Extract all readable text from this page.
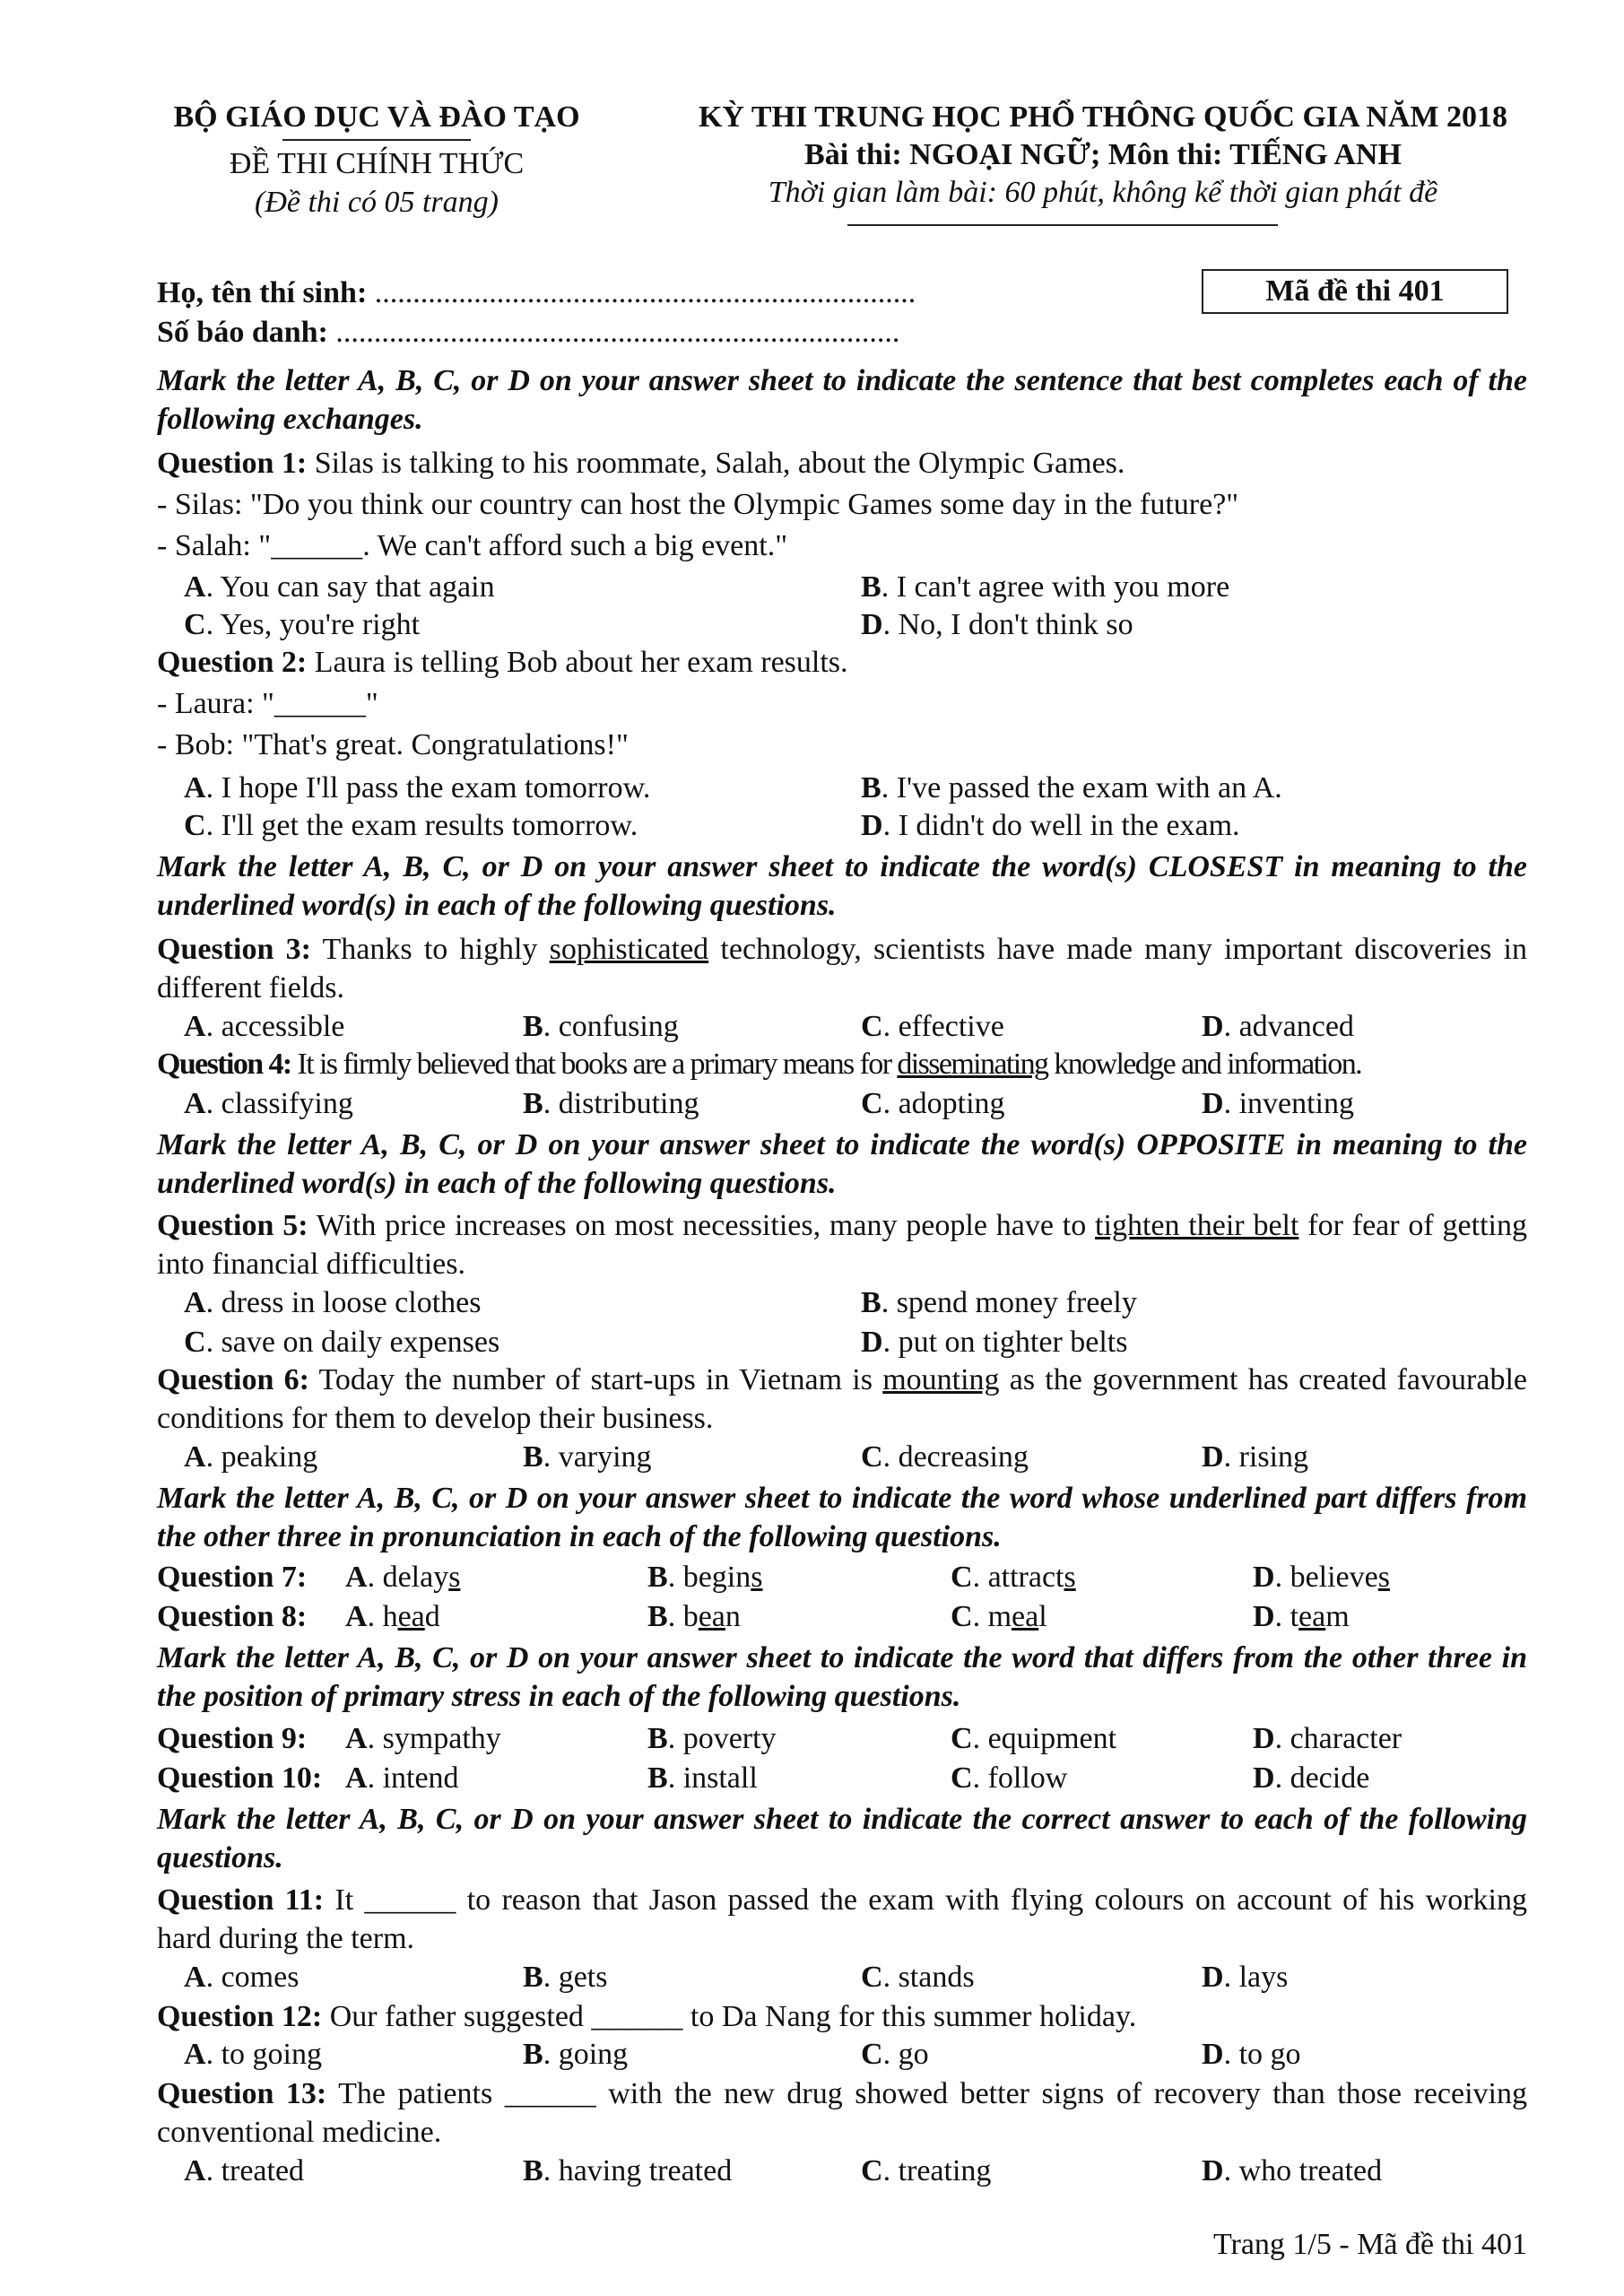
BỘ GIÁO DỤC VÀ ĐÀO TẠO
ĐỀ THI CHÍNH THỨC
(Đề thi có 05 trang)
KỲ THI TRUNG HỌC PHỔ THÔNG QUỐC GIA NĂM 2018
Bài thi: NGOẠI NGỮ; Môn thi: TIẾNG ANH
Thời gian làm bài: 60 phút, không kể thời gian phát đề
Họ, tên thí sinh: .......................................................................
Số báo danh: ..........................................................................
Mã đề thi 401
Mark the letter A, B, C, or D on your answer sheet to indicate the sentence that best completes each of the following exchanges.
Question 1: Silas is talking to his roommate, Salah, about the Olympic Games.
- Silas: "Do you think our country can host the Olympic Games some day in the future?"
- Salah: "______. We can't afford such a big event."
A. You can say that again	B. I can't agree with you more
C. Yes, you're right	D. No, I don't think so
Question 2: Laura is telling Bob about her exam results.
- Laura: "______"
- Bob: "That's great. Congratulations!"
A. I hope I'll pass the exam tomorrow.	B. I've passed the exam with an A.
C. I'll get the exam results tomorrow.	D. I didn't do well in the exam.
Mark the letter A, B, C, or D on your answer sheet to indicate the word(s) CLOSEST in meaning to the underlined word(s) in each of the following questions.
Question 3: Thanks to highly sophisticated technology, scientists have made many important discoveries in different fields.
A. accessible	B. confusing	C. effective	D. advanced
Question 4: It is firmly believed that books are a primary means for disseminating knowledge and information.
A. classifying	B. distributing	C. adopting	D. inventing
Mark the letter A, B, C, or D on your answer sheet to indicate the word(s) OPPOSITE in meaning to the underlined word(s) in each of the following questions.
Question 5: With price increases on most necessities, many people have to tighten their belt for fear of getting into financial difficulties.
A. dress in loose clothes	B. spend money freely
C. save on daily expenses	D. put on tighter belts
Question 6: Today the number of start-ups in Vietnam is mounting as the government has created favourable conditions for them to develop their business.
A. peaking	B. varying	C. decreasing	D. rising
Mark the letter A, B, C, or D on your answer sheet to indicate the word whose underlined part differs from the other three in pronunciation in each of the following questions.
Question 7: A. delays	B. begins	C. attracts	D. believes
Question 8: A. head	B. bean	C. meal	D. team
Mark the letter A, B, C, or D on your answer sheet to indicate the word that differs from the other three in the position of primary stress in each of the following questions.
Question 9: A. sympathy	B. poverty	C. equipment	D. character
Question 10: A. intend	B. install	C. follow	D. decide
Mark the letter A, B, C, or D on your answer sheet to indicate the correct answer to each of the following questions.
Question 11: It ______ to reason that Jason passed the exam with flying colours on account of his working hard during the term.
A. comes	B. gets	C. stands	D. lays
Question 12: Our father suggested ______ to Da Nang for this summer holiday.
A. to going	B. going	C. go	D. to go
Question 13: The patients ______ with the new drug showed better signs of recovery than those receiving conventional medicine.
A. treated	B. having treated	C. treating	D. who treated
Trang 1/5 - Mã đề thi 401
